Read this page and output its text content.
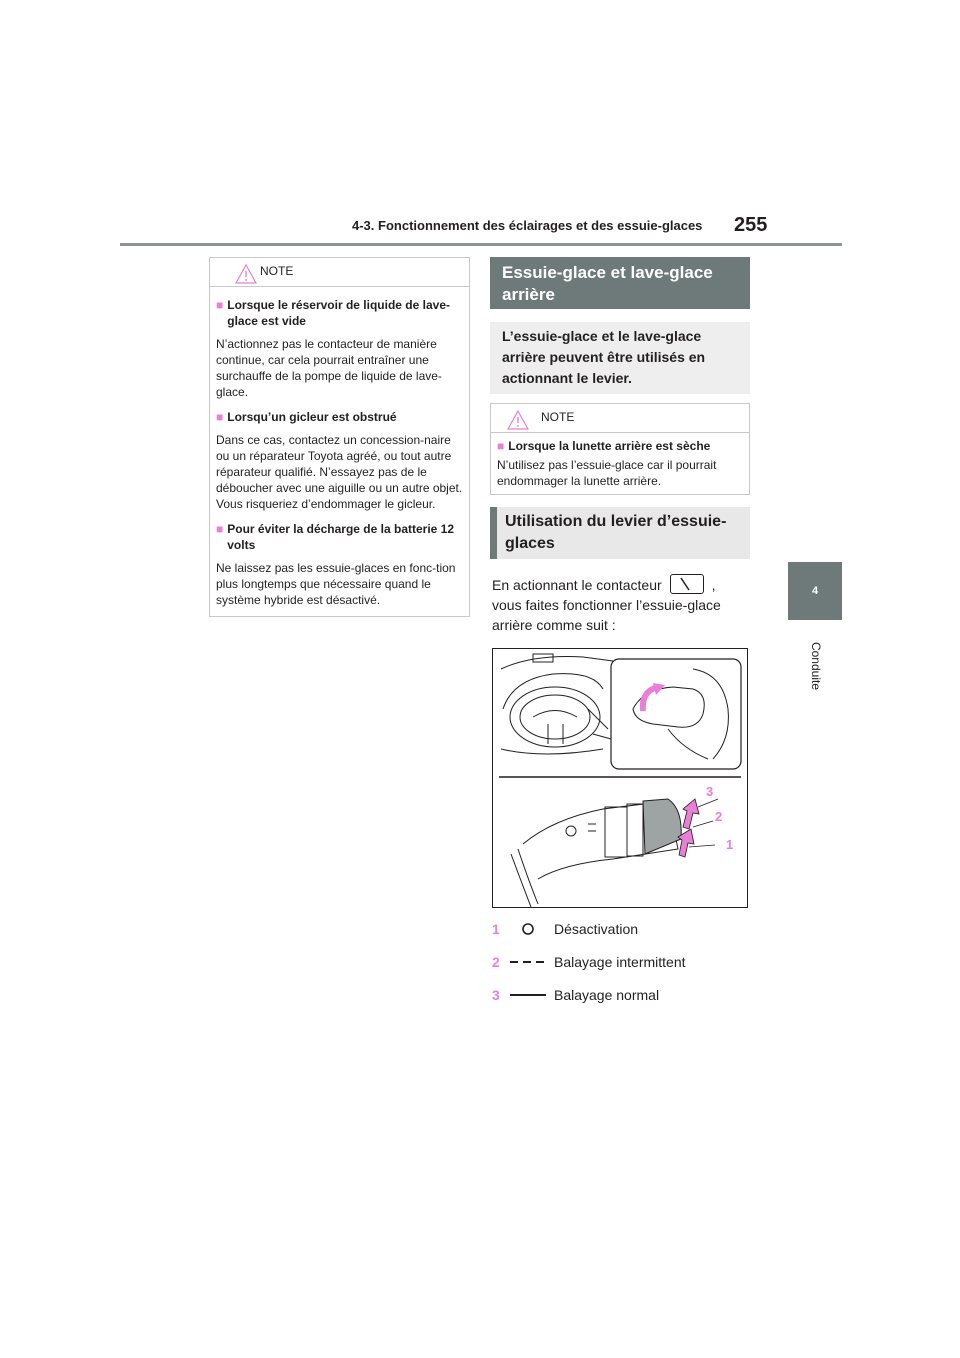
4-3. Fonctionnement des éclairages et des essuie-glaces 255
4
Conduite
NOTE
■ Lorsque le réservoir de liquide de lave-glace est vide
N’actionnez pas le contacteur de manière continue, car cela pourrait entraîner une surchauffe de la pompe de liquide de lave-glace.
■ Lorsqu’un gicleur est obstrué
Dans ce cas, contactez un concession-naire ou un réparateur Toyota agréé, ou tout autre réparateur qualifié. N’essayez pas de le déboucher avec une aiguille ou un autre objet. Vous risqueriez d’endommager le gicleur.
■ Pour éviter la décharge de la batterie 12 volts
Ne laissez pas les essuie-glaces en fonc-tion plus longtemps que nécessaire quand le système hybride est désactivé.
Essuie-glace et lave-glace arrière
L’essuie-glace et le lave-glace arrière peuvent être utilisés en actionnant le levier.
NOTE
■ Lorsque la lunette arrière est sèche
N’utilisez pas l’essuie-glace car il pourrait endommager la lunette arrière.
Utilisation du levier d’essuie-glaces
En actionnant le contacteur	, vous faites fonctionner l’essuie-glace arrière comme suit :
3
2
1
1	Désactivation
2	Balayage intermittent
3	Balayage normal
